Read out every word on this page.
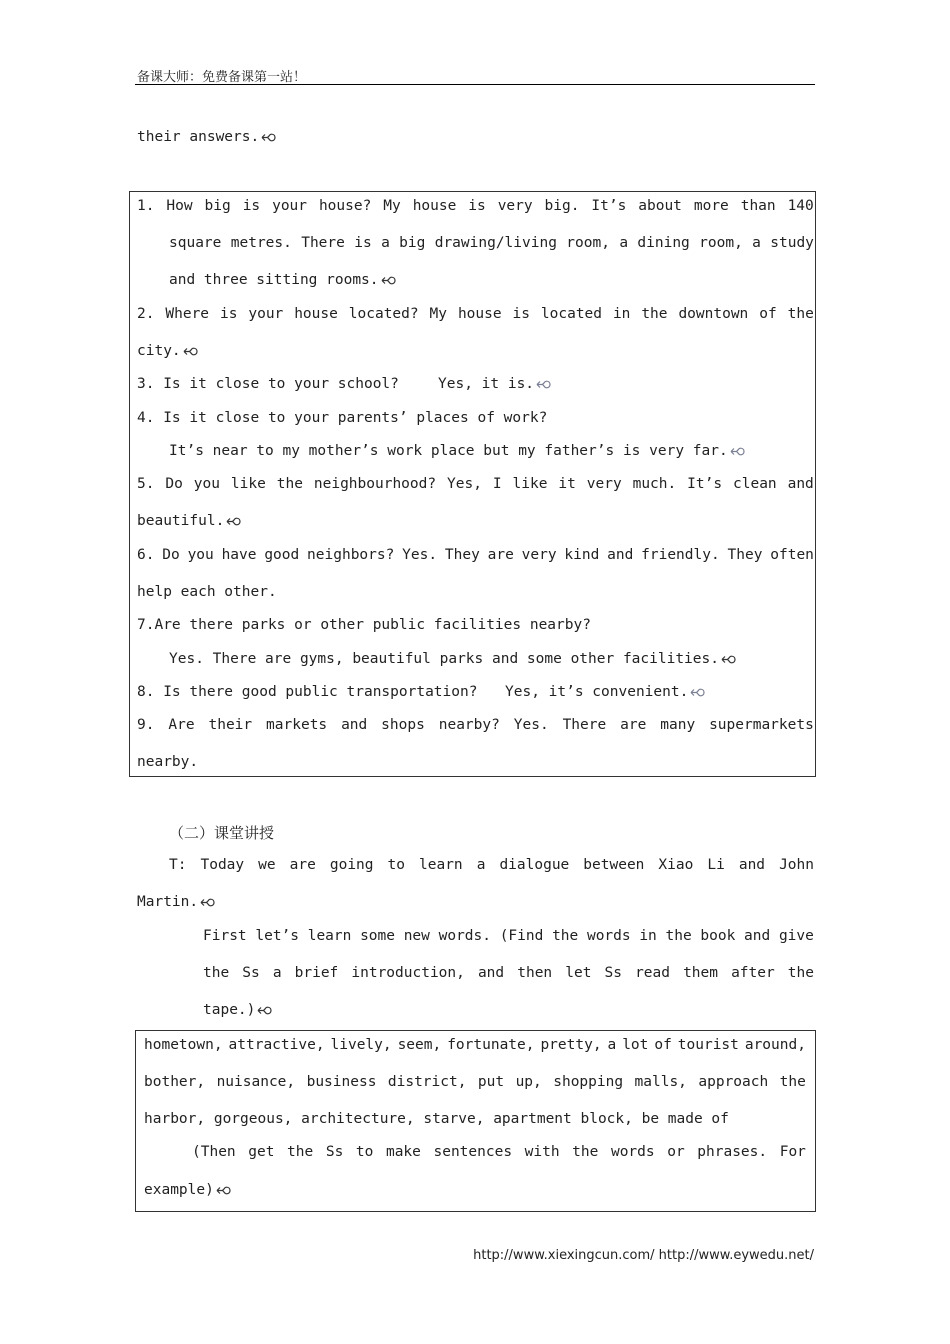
备课大师：免费备课第一站！
their answers.
1. How big is your house? My house is very big. It’s about more than 140
square metres. There is a big drawing/living room, a dining room, a study
and three sitting rooms.
2. Where is your house located? My house is located in the downtown of the
city.
3. Is it close to your school?	Yes, it is.
4. Is it close to your parents’ places of work?
It’s near to my mother’s work place but my father’s is very far.
5. Do you like the neighbourhood? Yes, I like it very much. It’s clean and
beautiful.
6. Do you have good neighbors? Yes. They are very kind and friendly. They often
help each other.
7.Are there parks or other public facilities nearby?
Yes. There are gyms, beautiful parks and some other facilities.
8. Is there good public transportation? Yes, it’s convenient.
9. Are their markets and shops nearby? Yes. There are many supermarkets
nearby.
（二）课堂讲授
T: Today we are going to learn a dialogue between Xiao Li and John
Martin.
First let’s learn some new words. (Find the words in the book and give
the Ss a brief introduction, and then let Ss read them after the
tape.)
hometown, attractive, lively, seem, fortunate, pretty, a lot of tourist around,
bother, nuisance, business district, put up, shopping malls, approach the
harbor, gorgeous, architecture, starve, apartment block, be made of
(Then get the Ss to make sentences with the words or phrases. For
example)
http://www.xiexingcun.com/ http://www.eywedu.net/
